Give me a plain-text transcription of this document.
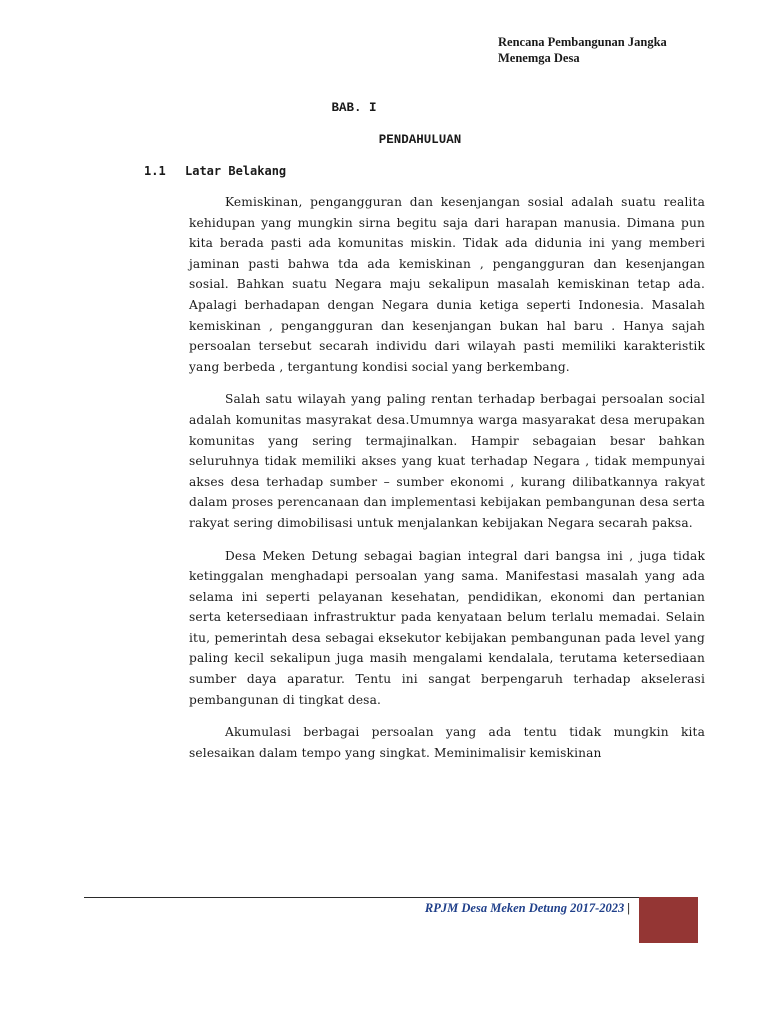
Rencana Pembangunan Jangka
Menemga Desa
BAB. I
PENDAHULUAN
1.1 Latar Belakang

Kemiskinan, pengangguran dan kesenjangan sosial adalah suatu realita kehidupan yang mungkin sirna begitu saja dari harapan manusia. Dimana pun kita berada pasti ada komunitas miskin. Tidak ada didunia ini yang memberi jaminan pasti bahwa tda ada kemiskinan , pengangguran dan kesenjangan sosial. Bahkan suatu Negara maju sekalipun masalah kemiskinan tetap ada. Apalagi berhadapan dengan Negara dunia ketiga seperti Indonesia. Masalah kemiskinan , pengangguran dan kesenjangan bukan hal baru . Hanya sajah persoalan tersebut secarah individu dari wilayah pasti memiliki karakteristik yang berbeda , tergantung kondisi social yang berkembang.

Salah satu wilayah yang paling rentan terhadap berbagai persoalan social adalah komunitas masyrakat desa.Umumnya warga masyarakat desa merupakan komunitas yang sering termajinalkan. Hampir sebagaian besar bahkan seluruhnya tidak memiliki akses yang kuat terhadap Negara , tidak mempunyai akses desa terhadap sumber – sumber ekonomi , kurang dilibatkannya rakyat dalam proses perencanaan dan implementasi kebijakan pembangunan desa serta rakyat sering dimobilisasi untuk menjalankan kebijakan Negara secarah paksa.

Desa Meken Detung sebagai bagian integral dari bangsa ini , juga tidak ketinggalan menghadapi persoalan yang sama. Manifestasi masalah yang ada selama ini seperti pelayanan kesehatan, pendidikan, ekonomi dan pertanian serta ketersediaan infrastruktur pada kenyataan belum terlalu memadai. Selain itu, pemerintah desa sebagai eksekutor kebijakan pembangunan pada level yang paling kecil sekalipun juga masih mengalami kendalala, terutama ketersediaan sumber daya aparatur. Tentu ini sangat berpengaruh terhadap akselerasi pembangunan di tingkat desa.

Akumulasi berbagai persoalan yang ada tentu tidak mungkin kita selesaikan dalam tempo yang singkat. Meminimalisir kemiskinan

RPJM Desa Meken Detung 2017-2023 |
